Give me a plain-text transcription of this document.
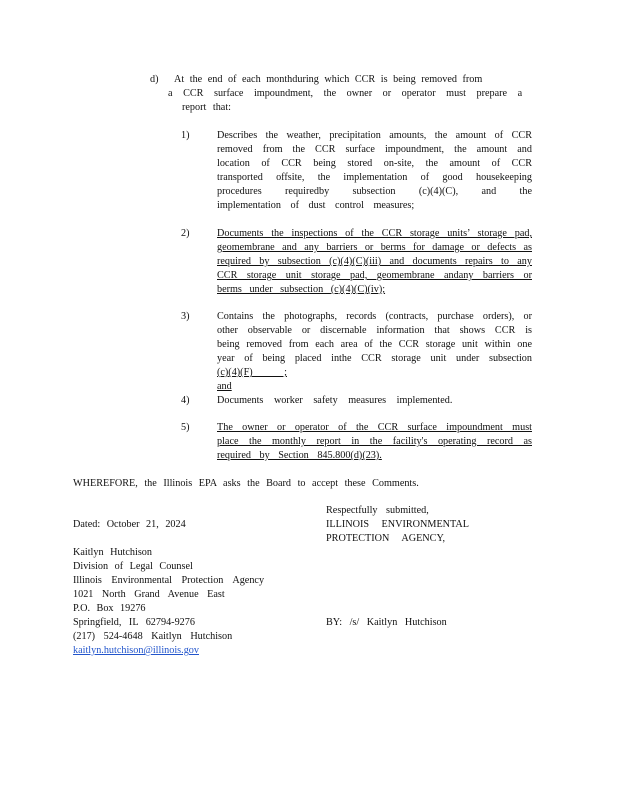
d)	At the end of each monthduring which CCR is being removed from
a CCR surface impoundment, the owner or operator must prepare a
report that:
1)	Describes the weather, precipitation amounts, the amount of CCR
removed from the CCR surface impoundment, the amount and
location of CCR being stored on-site, the amount of CCR
transported offsite, the implementation of good housekeeping
procedures requiredby subsection (c)(4)(C), and the
implementation of dust control measures;
2)	Documents the inspections of the CCR storage units’ storage pad,
geomembrane and any barriers or berms for damage or defects as
required by subsection (c)(4)(C)(iii) and documents repairs to any
CCR storage unit storage pad, geomembrane andany barriers or
berms under subsection (c)(4)(C)(iv);
3)	Contains the photographs, records (contracts, purchase orders), or
other observable or discernable information that shows CCR is
being removed from each area of the CCR storage unit within one
year of being placed inthe CCR storage unit under subsection
(c)(4)(F) ; and
4)	Documents worker safety measures implemented.
5)	The owner or operator of the CCR surface impoundment must
place the monthly report in the facility's operating record as
required by Section 845.800(d)(23).
WHEREFORE, the Illinois EPA asks the Board to accept these Comments.
Respectfully submitted,
ILLINOIS ENVIRONMENTAL
PROTECTION AGENCY,
Dated: October 21, 2024
Kaitlyn Hutchison
Division of Legal Counsel
Illinois Environmental Protection Agency
1021 North Grand Avenue East
P.O. Box 19276
Springfield, IL 62794-9276
(217) 524-4648 Kaitlyn Hutchison
kaitlyn.hutchison@illinois.gov
BY: /s/ Kaitlyn Hutchison
